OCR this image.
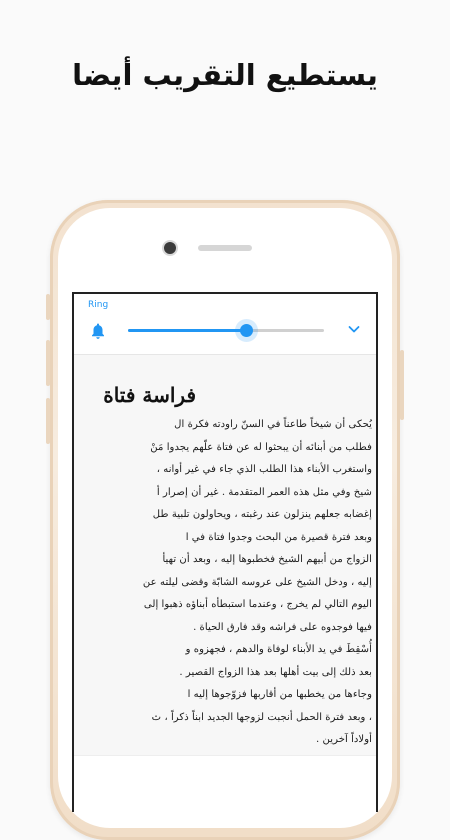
يستطيع التقريب أيضا
Ring
فراسة فتاة
يُحكى أن شيخاً طاعناً في السنّ راودته فكرة ال
فطلب من أبنائه أن يبحثوا له عن فتاة علّهم يجدوا مَنْ
واستغرب الأبناء هذا الطلب الذي جاء في غير أوانه ،
شيخ وفي مثل هذه العمر المتقدمة . غير أن إصرار أ
إغضابه جعلهم ينزلون عند رغبته ، ويحاولون تلبية طل
وبعد فترة قصيرة من البحث وجدوا فتاة في ا
الزواج من أبيهم الشيخ فخطبوها إليه ، وبعد أن تهيأ
إليه ، ودخل الشيخ على عروسه الشابّة وقضى ليلته عن
اليوم التالي لم يخرج ، وعندما استبطأه أبناؤه ذهبوا إلى
فيها فوجدوه على فراشه وقد فارق الحياة .
أُسْقِطَ في يد الأبناء لوفاة والدهم ، فجهزوه و
بعد ذلك إلى بيت أهلها بعد هذا الزواج القصير .
وجاءها من يخطبها من أقاربها فزوّجوها إليه ا
، وبعد فترة الحمل أنجبت لزوجها الجديد ابناً ذكراً ، ث
أولاداً آخرين .
